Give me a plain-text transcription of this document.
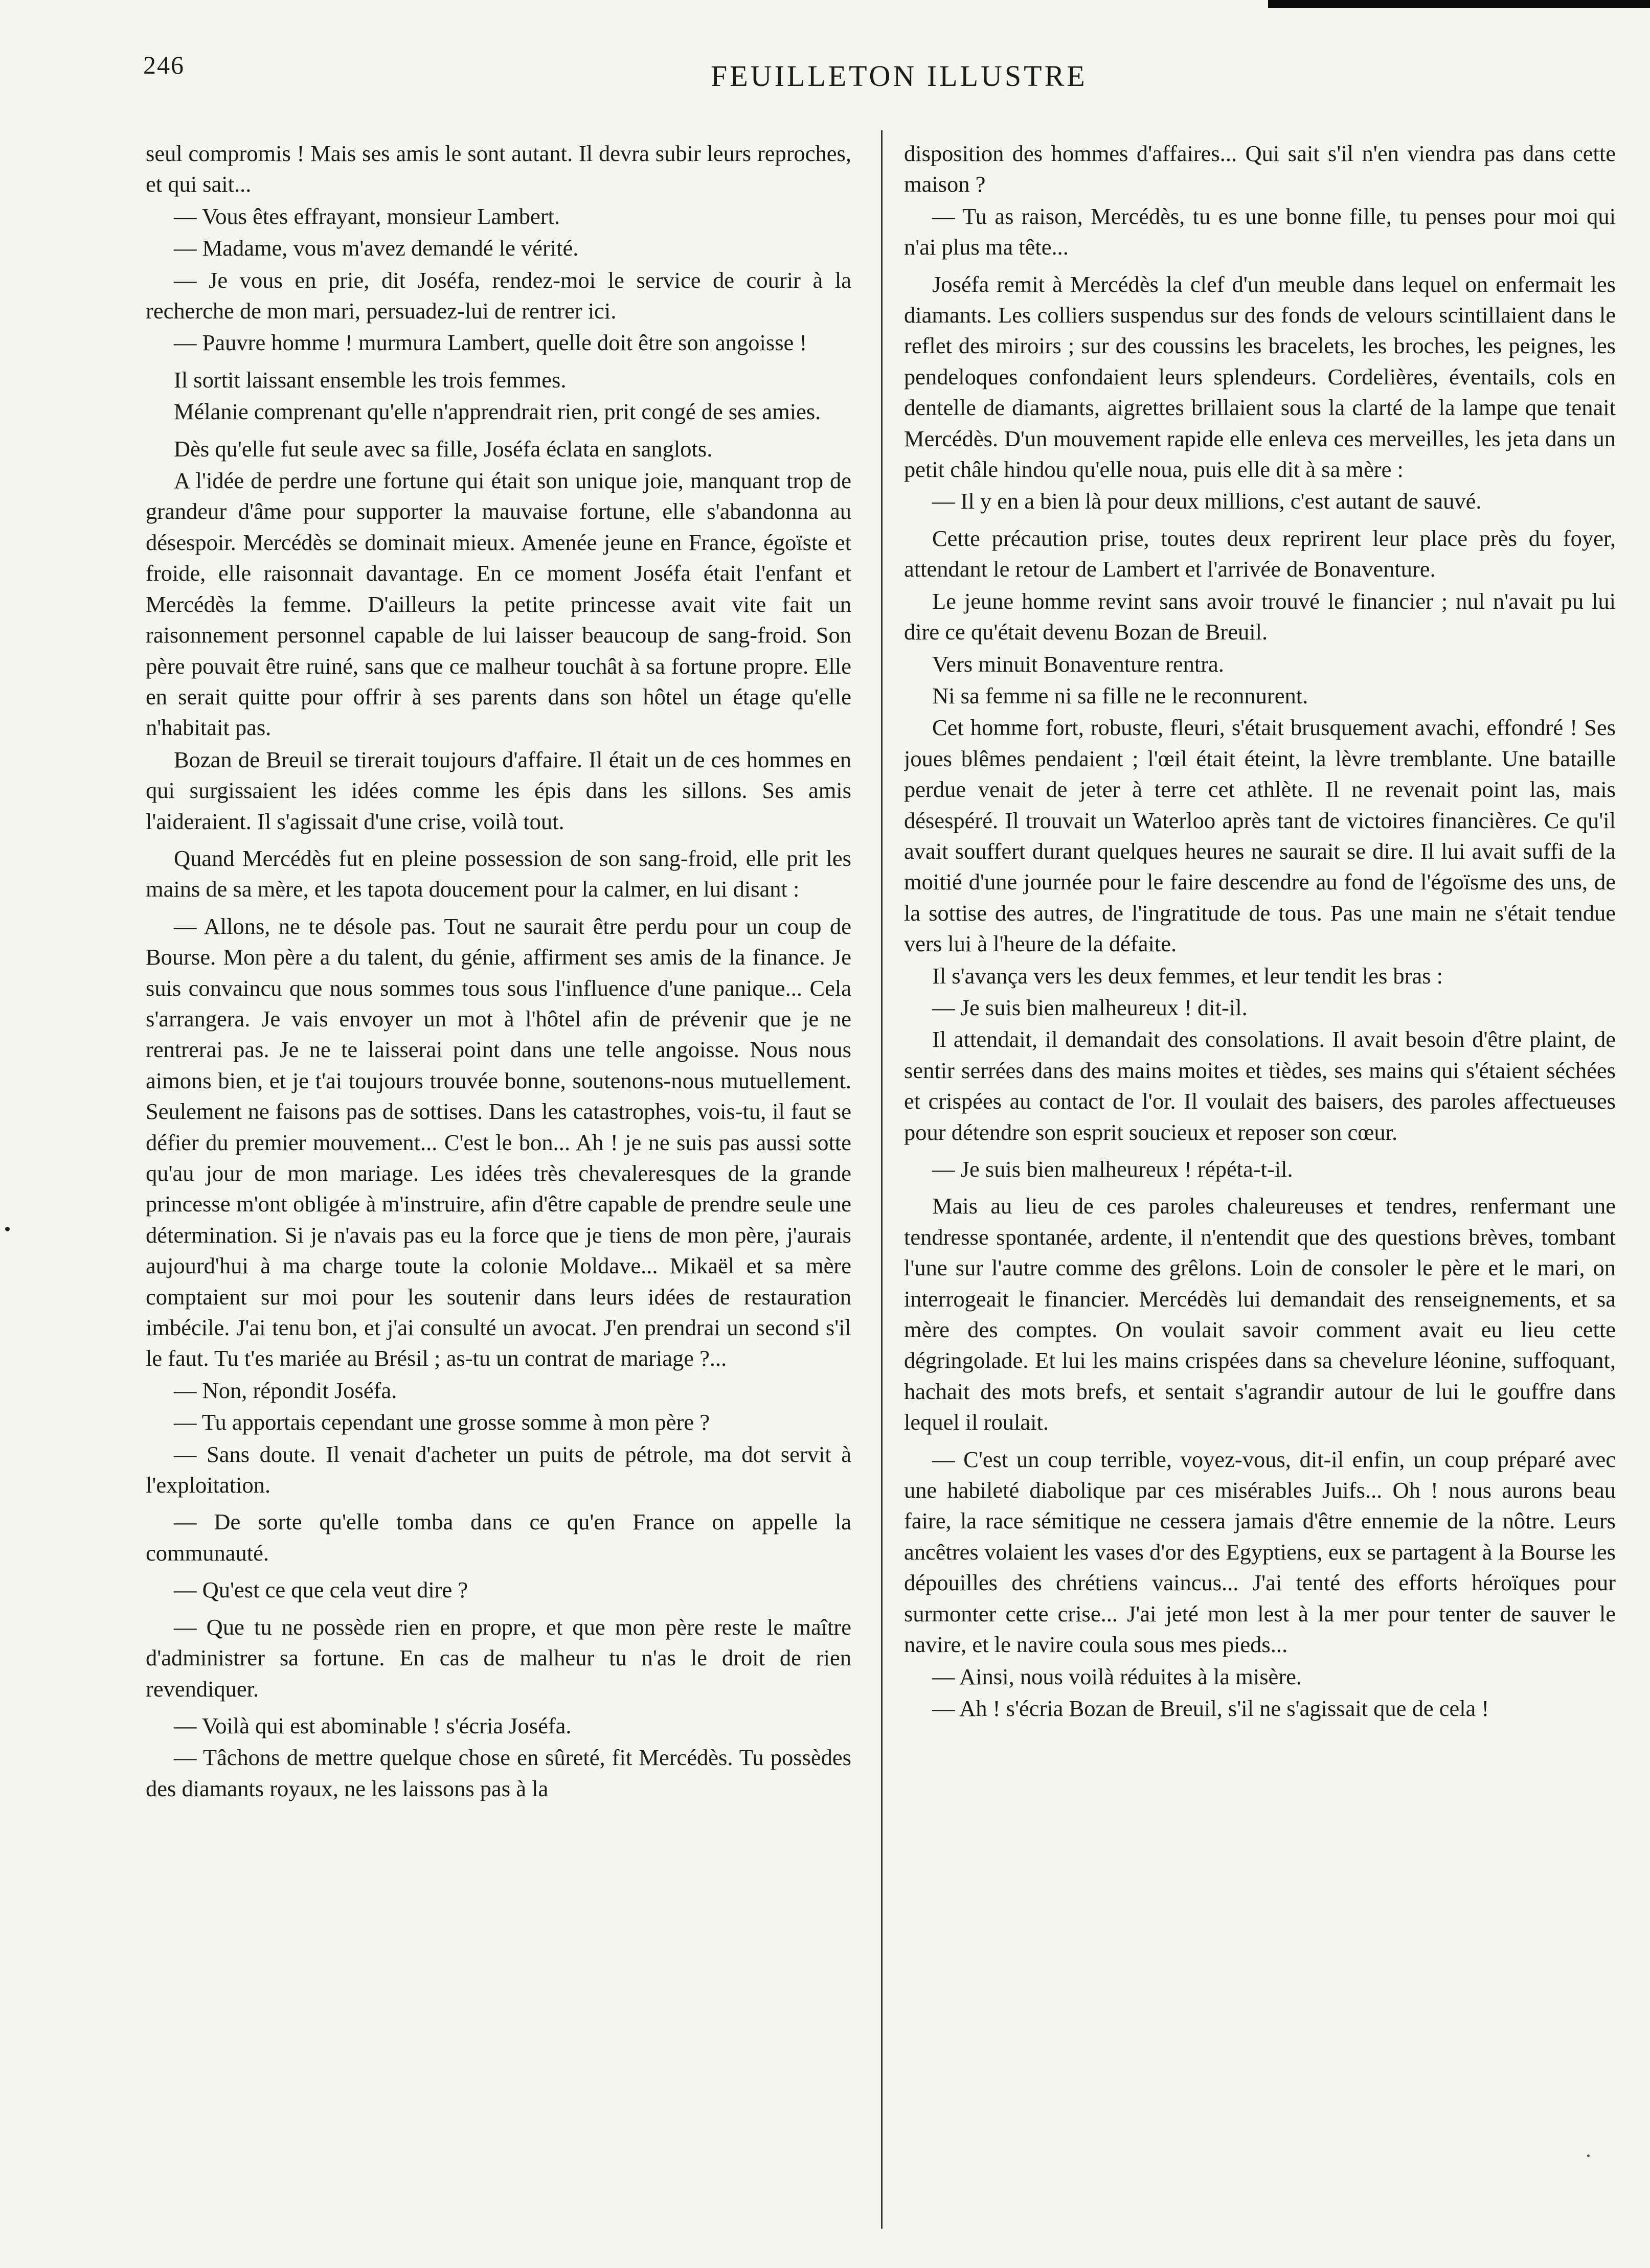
246	FEUILLETON ILLUSTRE

seul compromis ! Mais ses amis le sont autant. Il devra subir leurs reproches, et qui sait...

— Vous êtes effrayant, monsieur Lambert.

— Madame, vous m'avez demandé le vérité.

— Je vous en prie, dit Joséfa, rendez-moi le service de courir à la recherche de mon mari, persuadez-lui de rentrer ici.

— Pauvre homme ! murmura Lambert, quelle doit être son angoisse !

Il sortit laissant ensemble les trois femmes.

Mélanie comprenant qu'elle n'apprendrait rien, prit congé de ses amies.

Dès qu'elle fut seule avec sa fille, Joséfa éclata en sanglots.

A l'idée de perdre une fortune qui était son unique joie, manquant trop de grandeur d'âme pour supporter la mauvaise fortune, elle s'abandonna au désespoir. Mercédès se dominait mieux. Amenée jeune en France, égoïste et froide, elle raisonnait davantage. En ce moment Joséfa était l'enfant et Mercédès la femme. D'ailleurs la petite princesse avait vite fait un raisonnement personnel capable de lui laisser beaucoup de sang-froid. Son père pouvait être ruiné, sans que ce malheur touchât à sa fortune propre. Elle en serait quitte pour offrir à ses parents dans son hôtel un étage qu'elle n'habitait pas.

Bozan de Breuil se tirerait toujours d'affaire. Il était un de ces hommes en qui surgissaient les idées comme les épis dans les sillons. Ses amis l'aideraient. Il s'agissait d'une crise, voilà tout.

Quand Mercédès fut en pleine possession de son sang-froid, elle prit les mains de sa mère, et les tapota doucement pour la calmer, en lui disant :

— Allons, ne te désole pas. Tout ne saurait être perdu pour un coup de Bourse. Mon père a du talent, du génie, affirment ses amis de la finance. Je suis convaincu que nous sommes tous sous l'influence d'une panique... Cela s'arrangera. Je vais envoyer un mot à l'hôtel afin de prévenir que je ne rentrerai pas. Je ne te laisserai point dans une telle angoisse. Nous nous aimons bien, et je t'ai toujours trouvée bonne, soutenons-nous mutuellement. Seulement ne faisons pas de sottises. Dans les catastrophes, vois-tu, il faut se défier du premier mouvement... C'est le bon... Ah ! je ne suis pas aussi sotte qu'au jour de mon mariage. Les idées très chevaleresques de la grande princesse m'ont obligée à m'instruire, afin d'être capable de prendre seule une détermination. Si je n'avais pas eu la force que je tiens de mon père, j'aurais aujourd'hui à ma charge toute la colonie Moldave... Mikaël et sa mère comptaient sur moi pour les soutenir dans leurs idées de restauration imbécile. J'ai tenu bon, et j'ai consulté un avocat. J'en prendrai un second s'il le faut. Tu t'es mariée au Brésil ; as-tu un contrat de mariage ?...

— Non, répondit Joséfa.

— Tu apportais cependant une grosse somme à mon père ?

— Sans doute. Il venait d'acheter un puits de pétrole, ma dot servit à l'exploitation.

— De sorte qu'elle tomba dans ce qu'en France on appelle la communauté.

— Qu'est ce que cela veut dire ?

— Que tu ne possède rien en propre, et que mon père reste le maître d'administrer sa fortune. En cas de malheur tu n'as le droit de rien revendiquer.

— Voilà qui est abominable ! s'écria Joséfa.

— Tâchons de mettre quelque chose en sûreté, fit Mercédès. Tu possèdes des diamants royaux, ne les laissons pas à la

disposition des hommes d'affaires... Qui sait s'il n'en viendra pas dans cette maison ?

— Tu as raison, Mercédès, tu es une bonne fille, tu penses pour moi qui n'ai plus ma tête...

Joséfa remit à Mercédès la clef d'un meuble dans lequel on enfermait les diamants. Les colliers suspendus sur des fonds de velours scintillaient dans le reflet des miroirs ; sur des coussins les bracelets, les broches, les peignes, les pendeloques confondaient leurs splendeurs. Cordelières, éventails, cols en dentelle de diamants, aigrettes brillaient sous la clarté de la lampe que tenait Mercédès. D'un mouvement rapide elle enleva ces merveilles, les jeta dans un petit châle hindou qu'elle noua, puis elle dit à sa mère :

— Il y en a bien là pour deux millions, c'est autant de sauvé.

Cette précaution prise, toutes deux reprirent leur place près du foyer, attendant le retour de Lambert et l'arrivée de Bonaventure.

Le jeune homme revint sans avoir trouvé le financier ; nul n'avait pu lui dire ce qu'était devenu Bozan de Breuil.

Vers minuit Bonaventure rentra.

Ni sa femme ni sa fille ne le reconnurent.

Cet homme fort, robuste, fleuri, s'était brusquement avachi, effondré ! Ses joues blêmes pendaient ; l'œil était éteint, la lèvre tremblante. Une bataille perdue venait de jeter à terre cet athlète. Il ne revenait point las, mais désespéré. Il trouvait un Waterloo après tant de victoires financières. Ce qu'il avait souffert durant quelques heures ne saurait se dire. Il lui avait suffi de la moitié d'une journée pour le faire descendre au fond de l'égoïsme des uns, de la sottise des autres, de l'ingratitude de tous. Pas une main ne s'était tendue vers lui à l'heure de la défaite.

Il s'avança vers les deux femmes, et leur tendit les bras :

— Je suis bien malheureux ! dit-il.

Il attendait, il demandait des consolations. Il avait besoin d'être plaint, de sentir serrées dans des mains moites et tièdes, ses mains qui s'étaient séchées et crispées au contact de l'or. Il voulait des baisers, des paroles affectueuses pour détendre son esprit soucieux et reposer son cœur.

— Je suis bien malheureux ! répéta-t-il.

Mais au lieu de ces paroles chaleureuses et tendres, renfermant une tendresse spontanée, ardente, il n'entendit que des questions brèves, tombant l'une sur l'autre comme des grêlons. Loin de consoler le père et le mari, on interrogeait le financier. Mercédès lui demandait des renseignements, et sa mère des comptes. On voulait savoir comment avait eu lieu cette dégringolade. Et lui les mains crispées dans sa chevelure léonine, suffoquant, hachait des mots brefs, et sentait s'agrandir autour de lui le gouffre dans lequel il roulait.

— C'est un coup terrible, voyez-vous, dit-il enfin, un coup préparé avec une habileté diabolique par ces misérables Juifs... Oh ! nous aurons beau faire, la race sémitique ne cessera jamais d'être ennemie de la nôtre. Leurs ancêtres volaient les vases d'or des Egyptiens, eux se partagent à la Bourse les dépouilles des chrétiens vaincus... J'ai tenté des efforts héroïques pour surmonter cette crise... J'ai jeté mon lest à la mer pour tenter de sauver le navire, et le navire coula sous mes pieds...

— Ainsi, nous voilà réduites à la misère.

— Ah ! s'écria Bozan de Breuil, s'il ne s'agissait que de cela !
